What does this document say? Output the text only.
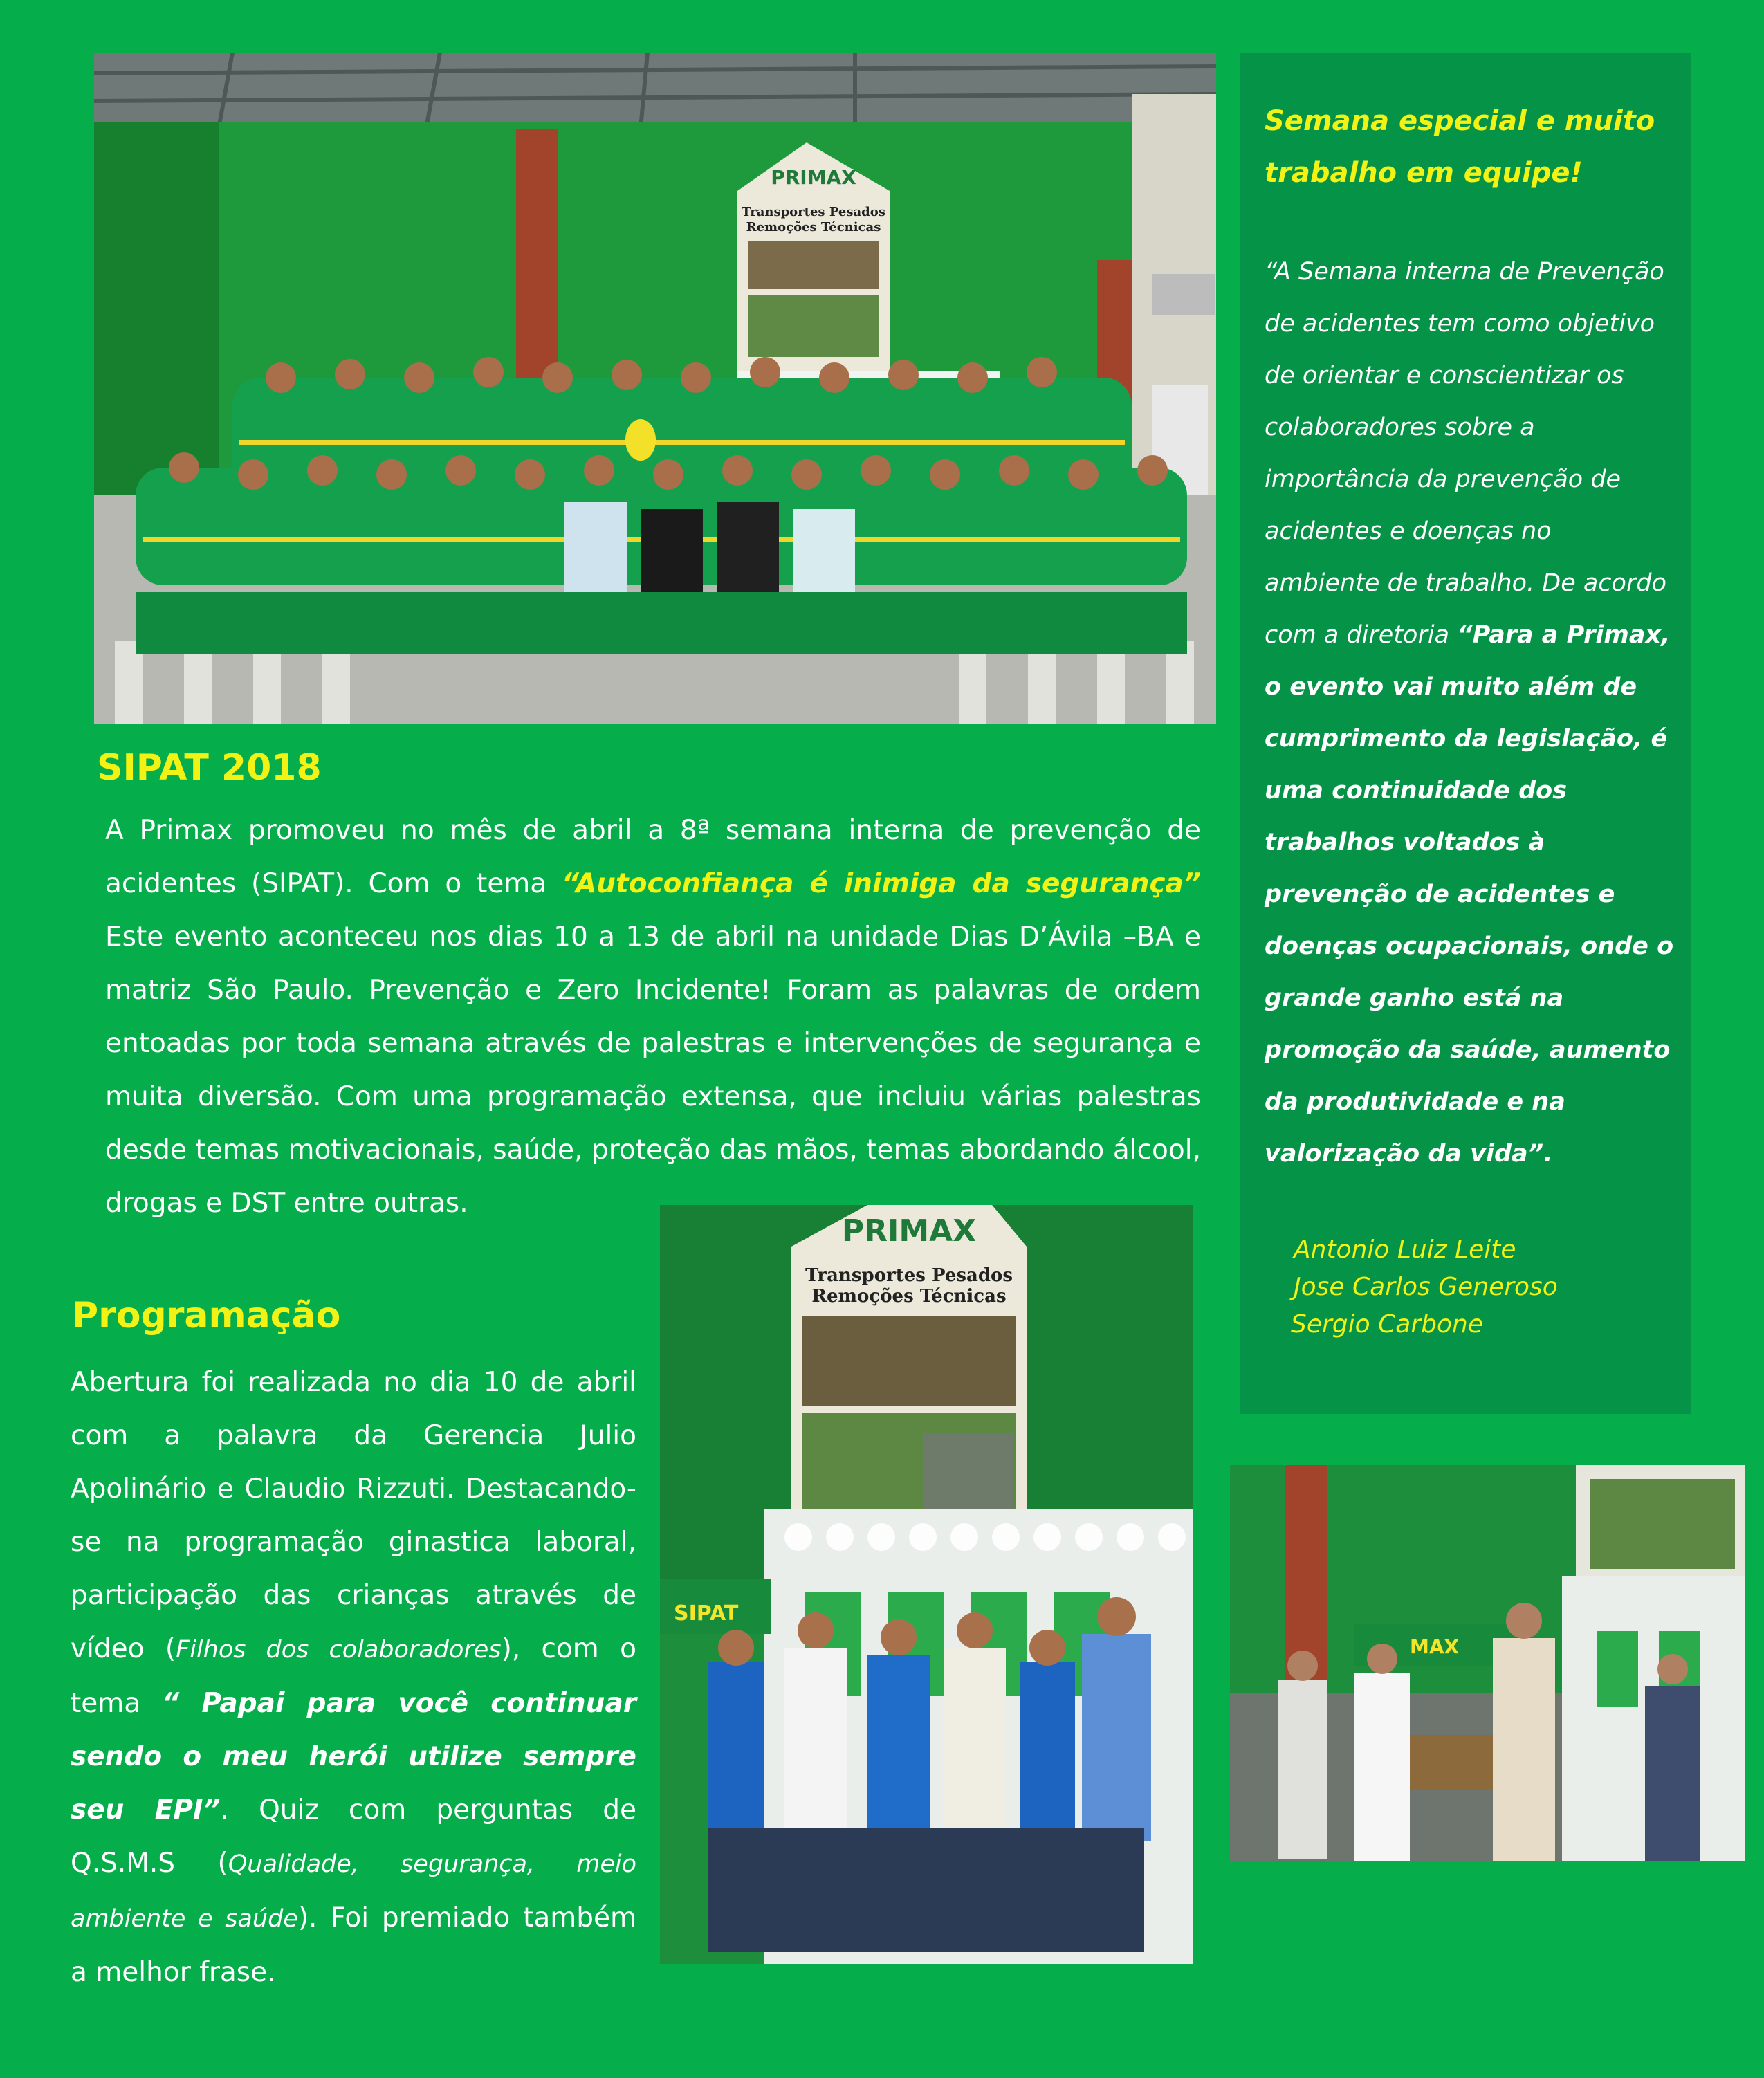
PRIMAX
Transportes Pesados
Remoções Técnicas
Semana especial e muito trabalho em equipe!

“A Semana interna de Prevenção de acidentes tem como objetivo de orientar e conscientizar os colaboradores sobre a importância da prevenção de acidentes e doenças no ambiente de trabalho. De acordo com a diretoria “Para a Primax, o evento vai muito além de cumprimento da legislação, é uma continuidade dos trabalhos voltados à prevenção de acidentes e doenças ocupacionais, onde o grande ganho está na promoção da saúde, aumento da produtividade e na valorização da vida”.

Antonio Luiz Leite
Jose Carlos Generoso
Sergio Carbone
SIPAT 2018

A Primax promoveu no mês de abril a 8ª semana interna de prevenção de acidentes (SIPAT). Com o tema “Autoconfiança é inimiga da segurança” Este evento aconteceu nos dias 10 a 13 de abril na unidade Dias D’Ávila –BA e matriz São Paulo. Prevenção e Zero Incidente! Foram as palavras de ordem entoadas por toda semana através de palestras e intervenções de segurança e muita diversão. Com uma programação extensa, que incluiu várias palestras desde temas motivacionais, saúde, proteção das mãos, temas abordando álcool, drogas e DST entre outras.

Programação

Abertura foi realizada no dia 10 de abril com a palavra da Gerencia Julio Apolinário e Claudio Rizzuti. Destacando-se na programação ginastica laboral, participação das crianças através de vídeo (Filhos dos colaboradores), com o tema “ Papai para você continuar sendo o meu herói utilize sempre seu EPI”. Quiz com perguntas de Q.S.M.S (Qualidade, segurança, meio ambiente e saúde). Foi premiado também a melhor frase.

PRIMAX
Transportes Pesados
Remoções Técnicas
SIPAT
MAX
